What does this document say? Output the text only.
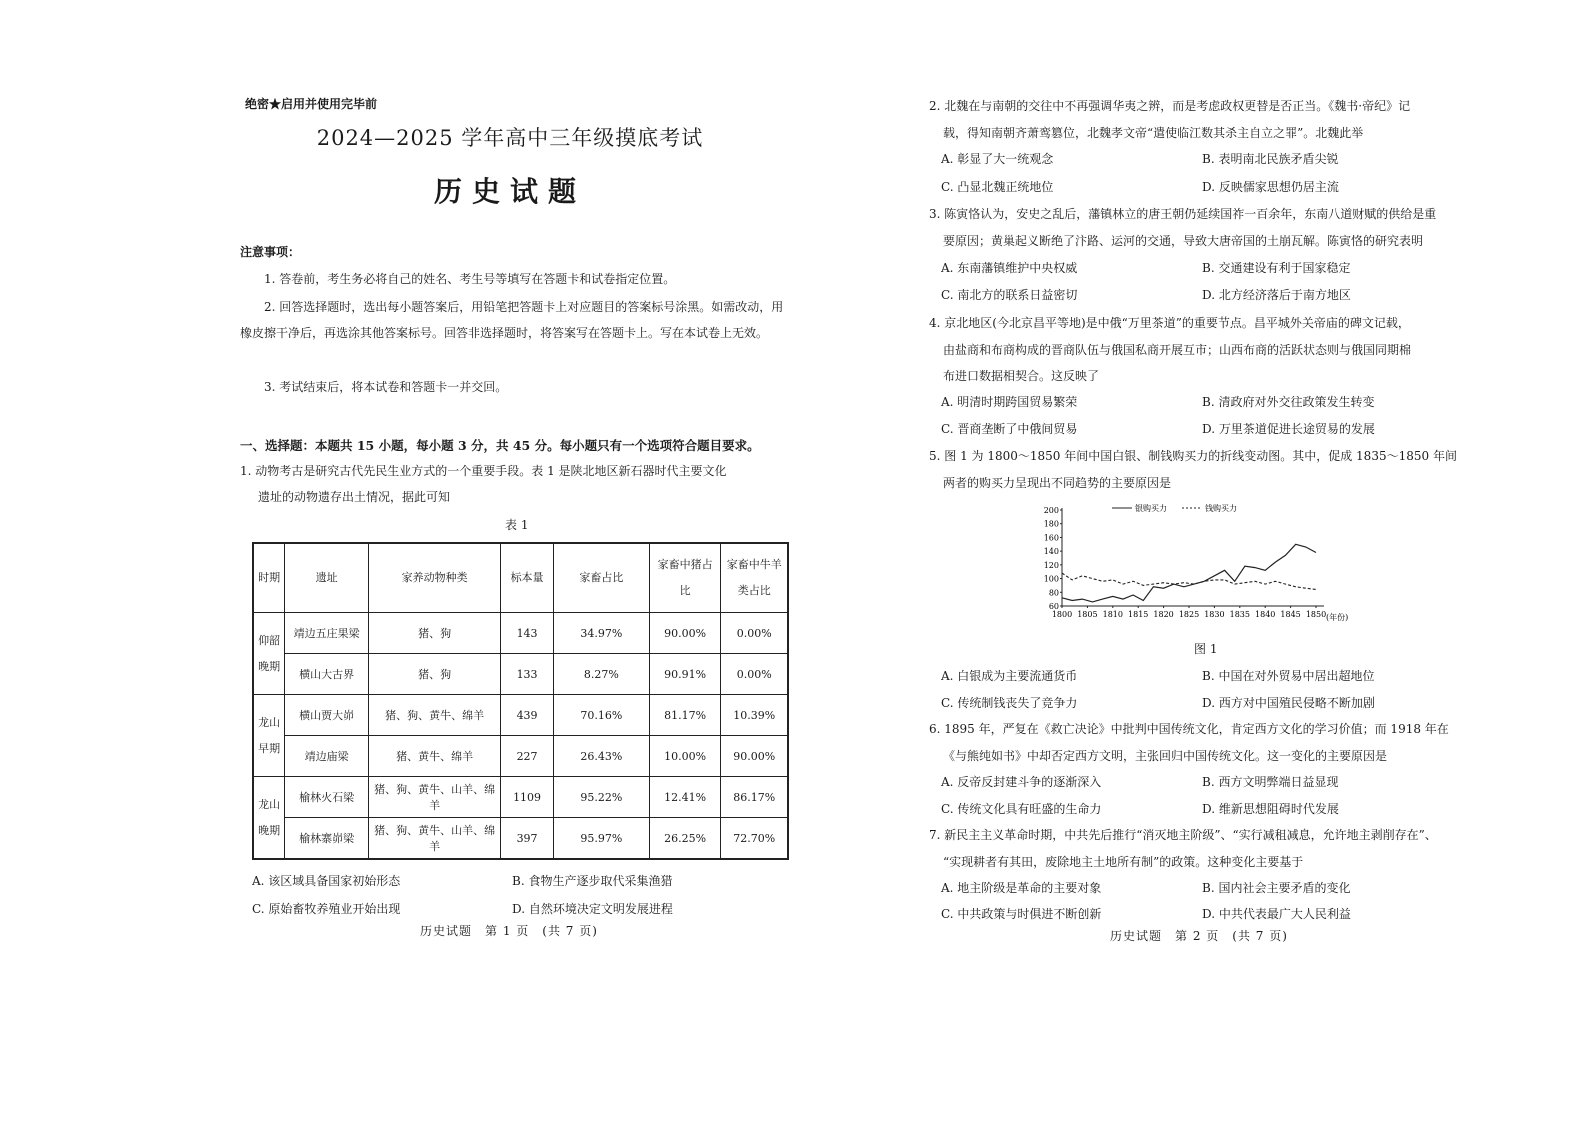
绝密★启用并使用完毕前
2024—2025 学年高中三年级摸底考试
历史试题
注意事项：
1. 答卷前，考生务必将自己的姓名、考生号等填写在答题卡和试卷指定位置。
2. 回答选择题时，选出每小题答案后，用铅笔把答题卡上对应题目的答案标号涂黑。如需改动，用橡皮擦干净后，再选涂其他答案标号。回答非选择题时，将答案写在答题卡上。写在本试卷上无效。
3. 考试结束后，将本试卷和答题卡一并交回。
一、选择题：本题共 15 小题，每小题 3 分，共 45 分。每小题只有一个选项符合题目要求。
1. 动物考古是研究古代先民生业方式的一个重要手段。表 1 是陕北地区新石器时代主要文化
遗址的动物遗存出土情况，据此可知
表 1
时期	遗址	家养动物种类	标本量	家畜占比	家畜中猪占比	家畜中牛羊类占比
仰韶晚期	靖边五庄果梁	猪、狗	143	34.97%	90.00%	0.00%
	横山大古界	猪、狗	133	8.27%	90.91%	0.00%
龙山早期	横山贾大峁	猪、狗、黄牛、绵羊	439	70.16%	81.17%	10.39%
	靖边庙梁	猪、黄牛、绵羊	227	26.43%	10.00%	90.00%
龙山晚期	榆林火石梁	猪、狗、黄牛、山羊、绵羊	1109	95.22%	12.41%	86.17%
	榆林寨峁梁	猪、狗、黄牛、山羊、绵羊	397	95.97%	26.25%	72.70%
A. 该区域具备国家初始形态	B. 食物生产逐步取代采集渔猎
C. 原始畜牧养殖业开始出现	D. 自然环境决定文明发展进程
历史试题　第 1 页　(共 7 页)
2. 北魏在与南朝的交往中不再强调华夷之辨，而是考虑政权更替是否正当。《魏书·帝纪》记
载，得知南朝齐萧鸾篡位，北魏孝文帝“遣使临江数其杀主自立之罪”。北魏此举
A. 彰显了大一统观念	B. 表明南北民族矛盾尖锐
C. 凸显北魏正统地位	D. 反映儒家思想仍居主流
3. 陈寅恪认为，安史之乱后，藩镇林立的唐王朝仍延续国祚一百余年，东南八道财赋的供给是重
要原因；黄巢起义断绝了汴路、运河的交通，导致大唐帝国的土崩瓦解。陈寅恪的研究表明
A. 东南藩镇维护中央权威	B. 交通建设有利于国家稳定
C. 南北方的联系日益密切	D. 北方经济落后于南方地区
4. 京北地区(今北京昌平等地)是中俄“万里茶道”的重要节点。昌平城外关帝庙的碑文记载，
由盐商和布商构成的晋商队伍与俄国私商开展互市；山西布商的活跃状态则与俄国同期棉
布进口数据相契合。这反映了
A. 明清时期跨国贸易繁荣	B. 清政府对外交往政策发生转变
C. 晋商垄断了中俄间贸易	D. 万里茶道促进长途贸易的发展
5. 图 1 为 1800～1850 年间中国白银、制钱购买力的折线变动图。其中，促成 1835～1850 年间
两者的购买力呈现出不同趋势的主要原因是
60
80
100
120
140
160
180
200
1800 1805 1810 1815 1820 1825 1830 1835 1840 1845 1850
银购买力	钱购买力
(年份)
图 1
A. 白银成为主要流通货币	B. 中国在对外贸易中居出超地位
C. 传统制钱丧失了竞争力	D. 西方对中国殖民侵略不断加剧
6. 1895 年，严复在《救亡决论》中批判中国传统文化，肯定西方文化的学习价值；而 1918 年在
《与熊纯如书》中却否定西方文明，主张回归中国传统文化。这一变化的主要原因是
A. 反帝反封建斗争的逐渐深入	B. 西方文明弊端日益显现
C. 传统文化具有旺盛的生命力	D. 维新思想阻碍时代发展
7. 新民主主义革命时期，中共先后推行“消灭地主阶级”、“实行减租减息，允许地主剥削存在”、
“实现耕者有其田，废除地主土地所有制”的政策。这种变化主要基于
A. 地主阶级是革命的主要对象	B. 国内社会主要矛盾的变化
C. 中共政策与时俱进不断创新	D. 中共代表最广大人民利益
历史试题　第 2 页　(共 7 页)
